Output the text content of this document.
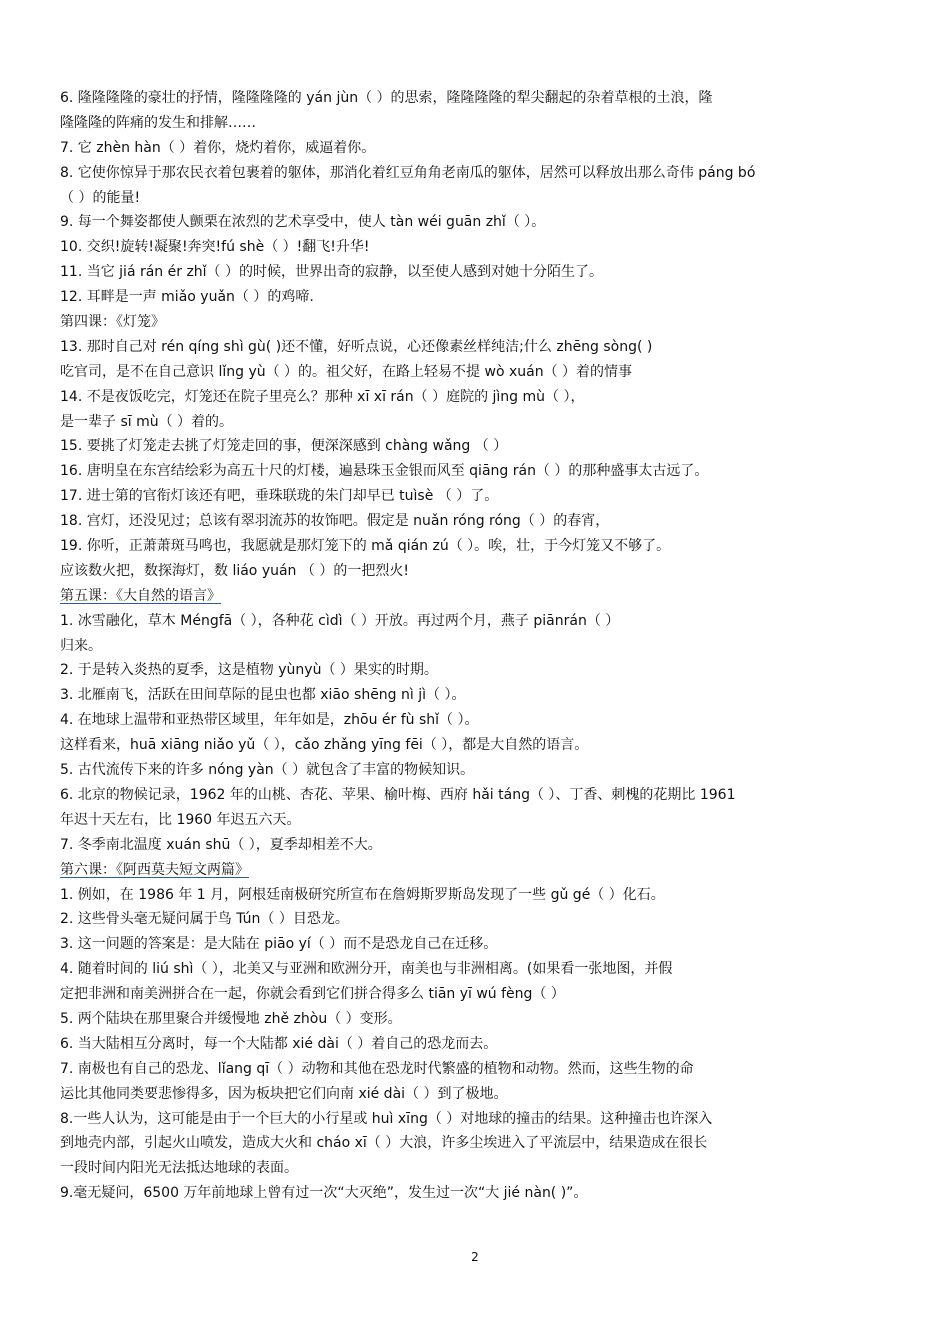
6. 隆隆隆隆的豪壮的抒情，隆隆隆隆的 yán jùn（ ）的思索，隆隆隆隆的犁尖翻起的杂着草根的土浪，隆
隆隆隆的阵痛的发生和排解……
7. 它 zhèn hàn（ ）着你，烧灼着你，威逼着你。
8. 它使你惊异于那农民衣着包裹着的躯体，那消化着红豆角角老南瓜的躯体，居然可以释放出那么奇伟 páng bó
（ ）的能量!
9. 每一个舞姿都使人颤栗在浓烈的艺术享受中，使人 tàn wéi guān zhǐ（ ）。
10. 交织!旋转!凝聚!奔突!fú shè（ ）!翻飞!升华!
11. 当它 jiá rán ér zhǐ（ ）的时候，世界出奇的寂静，以至使人感到对她十分陌生了。
12. 耳畔是一声 miǎo yuǎn（ ）的鸡啼.
第四课：《灯笼》
13. 那时自己对 rén qíng shì gù( )还不懂，好听点说，心还像素丝样纯洁;什么 zhēng sòng( )
吃官司，是不在自己意识 lǐng yù（ ）的。祖父好，在路上轻易不提 wò xuán（ ）着的情事
14. 不是夜饭吃完，灯笼还在院子里亮么？那种 xī xī rán（ ）庭院的 jìng mù（ ），
是一辈子 sī mù（ ）着的。
15. 要挑了灯笼走去挑了灯笼走回的事，便深深感到 chàng wǎng （ ）
16. 唐明皇在东宫结绘彩为高五十尺的灯楼，遍悬珠玉金银而风至 qiāng rán（ ）的那种盛事太古远了。
17. 进士第的官衔灯该还有吧，垂珠联珑的朱门却早已 tuìsè （ ）了。
18. 宫灯，还没见过；总该有翠羽流苏的妆饰吧。假定是 nuǎn róng róng（ ）的春宵，
19. 你听，正萧萧斑马鸣也，我愿就是那灯笼下的 mǎ qián zú（ ）。唉，壮，于今灯笼又不够了。
应该数火把，数探海灯，数 liáo yuán （ ）的一把烈火!
第五课：《大自然的语言》
1. 冰雪融化，草木 Méngfā（ ），各种花 cìdì（ ）开放。再过两个月，燕子 piānrán（ ）
归来。
2. 于是转入炎热的夏季，这是植物 yùnyù（ ）果实的时期。
3. 北雁南飞，活跃在田间草际的昆虫也都 xiāo shēng nì jì（ ）。
4. 在地球上温带和亚热带区域里，年年如是，zhōu ér fù shǐ（ ）。
这样看来，huā xiāng niǎo yǔ（ ），cǎo zhǎng yīng fēi（ ），都是大自然的语言。
5. 古代流传下来的许多 nóng yàn（ ）就包含了丰富的物候知识。
6. 北京的物候记录，1962 年的山桃、杏花、苹果、榆叶梅、西府 hǎi táng（ ）、丁香、刺槐的花期比 1961
年迟十天左右，比 1960 年迟五六天。
7. 冬季南北温度 xuán shū（ ），夏季却相差不大。
第六课：《阿西莫夫短文两篇》
1. 例如，在 1986 年 1 月，阿根廷南极研究所宣布在詹姆斯罗斯岛发现了一些 gǔ gé（ ）化石。
2. 这些骨头毫无疑问属于鸟 Tún（ ）目恐龙。
3. 这一问题的答案是：是大陆在 piāo yí（ ）而不是恐龙自己在迁移。
4. 随着时间的 liú shì（ ），北美又与亚洲和欧洲分开，南美也与非洲相离。(如果看一张地图，并假
定把非洲和南美洲拼合在一起，你就会看到它们拼合得多么 tiān yī wú fèng（ ）
5. 两个陆块在那里聚合并缓慢地 zhě zhòu（ ）变形。
6. 当大陆相互分离时，每一个大陆都 xié dài（ ）着自己的恐龙而去。
7. 南极也有自己的恐龙、lǐang qī（ ）动物和其他在恐龙时代繁盛的植物和动物。然而，这些生物的命
运比其他同类要悲惨得多，因为板块把它们向南 xié dài（ ）到了极地。
8.一些人认为，这可能是由于一个巨大的小行星或 huì xīng（ ）对地球的撞击的结果。这种撞击也许深入
到地壳内部，引起火山喷发，造成大火和 cháo xī（ ）大浪，许多尘埃进入了平流层中，结果造成在很长
一段时间内阳光无法抵达地球的表面。
9.毫无疑问，6500 万年前地球上曾有过一次“大灭绝”，发生过一次“大 jié nàn( )”。
2
